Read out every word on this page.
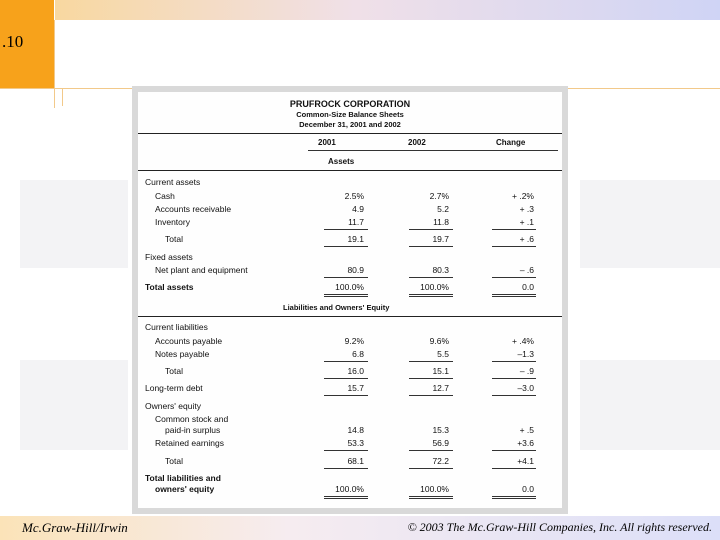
.10
PRUFROCK CORPORATION
Common-Size Balance Sheets
December 31, 2001 and 2002
2001	2002	Change
Assets
Current assets
Cash	2.5%	2.7%	+ .2%
Accounts receivable	4.9	5.2	+ .3
Inventory	11.7	11.8	+ .1
Total	19.1	19.7	+ .6
Fixed assets
Net plant and equipment	80.9	80.3	– .6
Total assets	100.0%	100.0%	0.0
Liabilities and Owners' Equity
Current liabilities
Accounts payable	9.2%	9.6%	+ .4%
Notes payable	6.8	5.5	–1.3
Total	16.0	15.1	– .9
Long-term debt	15.7	12.7	–3.0
Owners' equity
Common stock and
paid-in surplus	14.8	15.3	+ .5
Retained earnings	53.3	56.9	+3.6
Total	68.1	72.2	+4.1
Total liabilities and
owners' equity	100.0%	100.0%	0.0
Mc.Graw-Hill/Irwin	© 2003 The Mc.Graw-Hill Companies, Inc. All rights reserved.
